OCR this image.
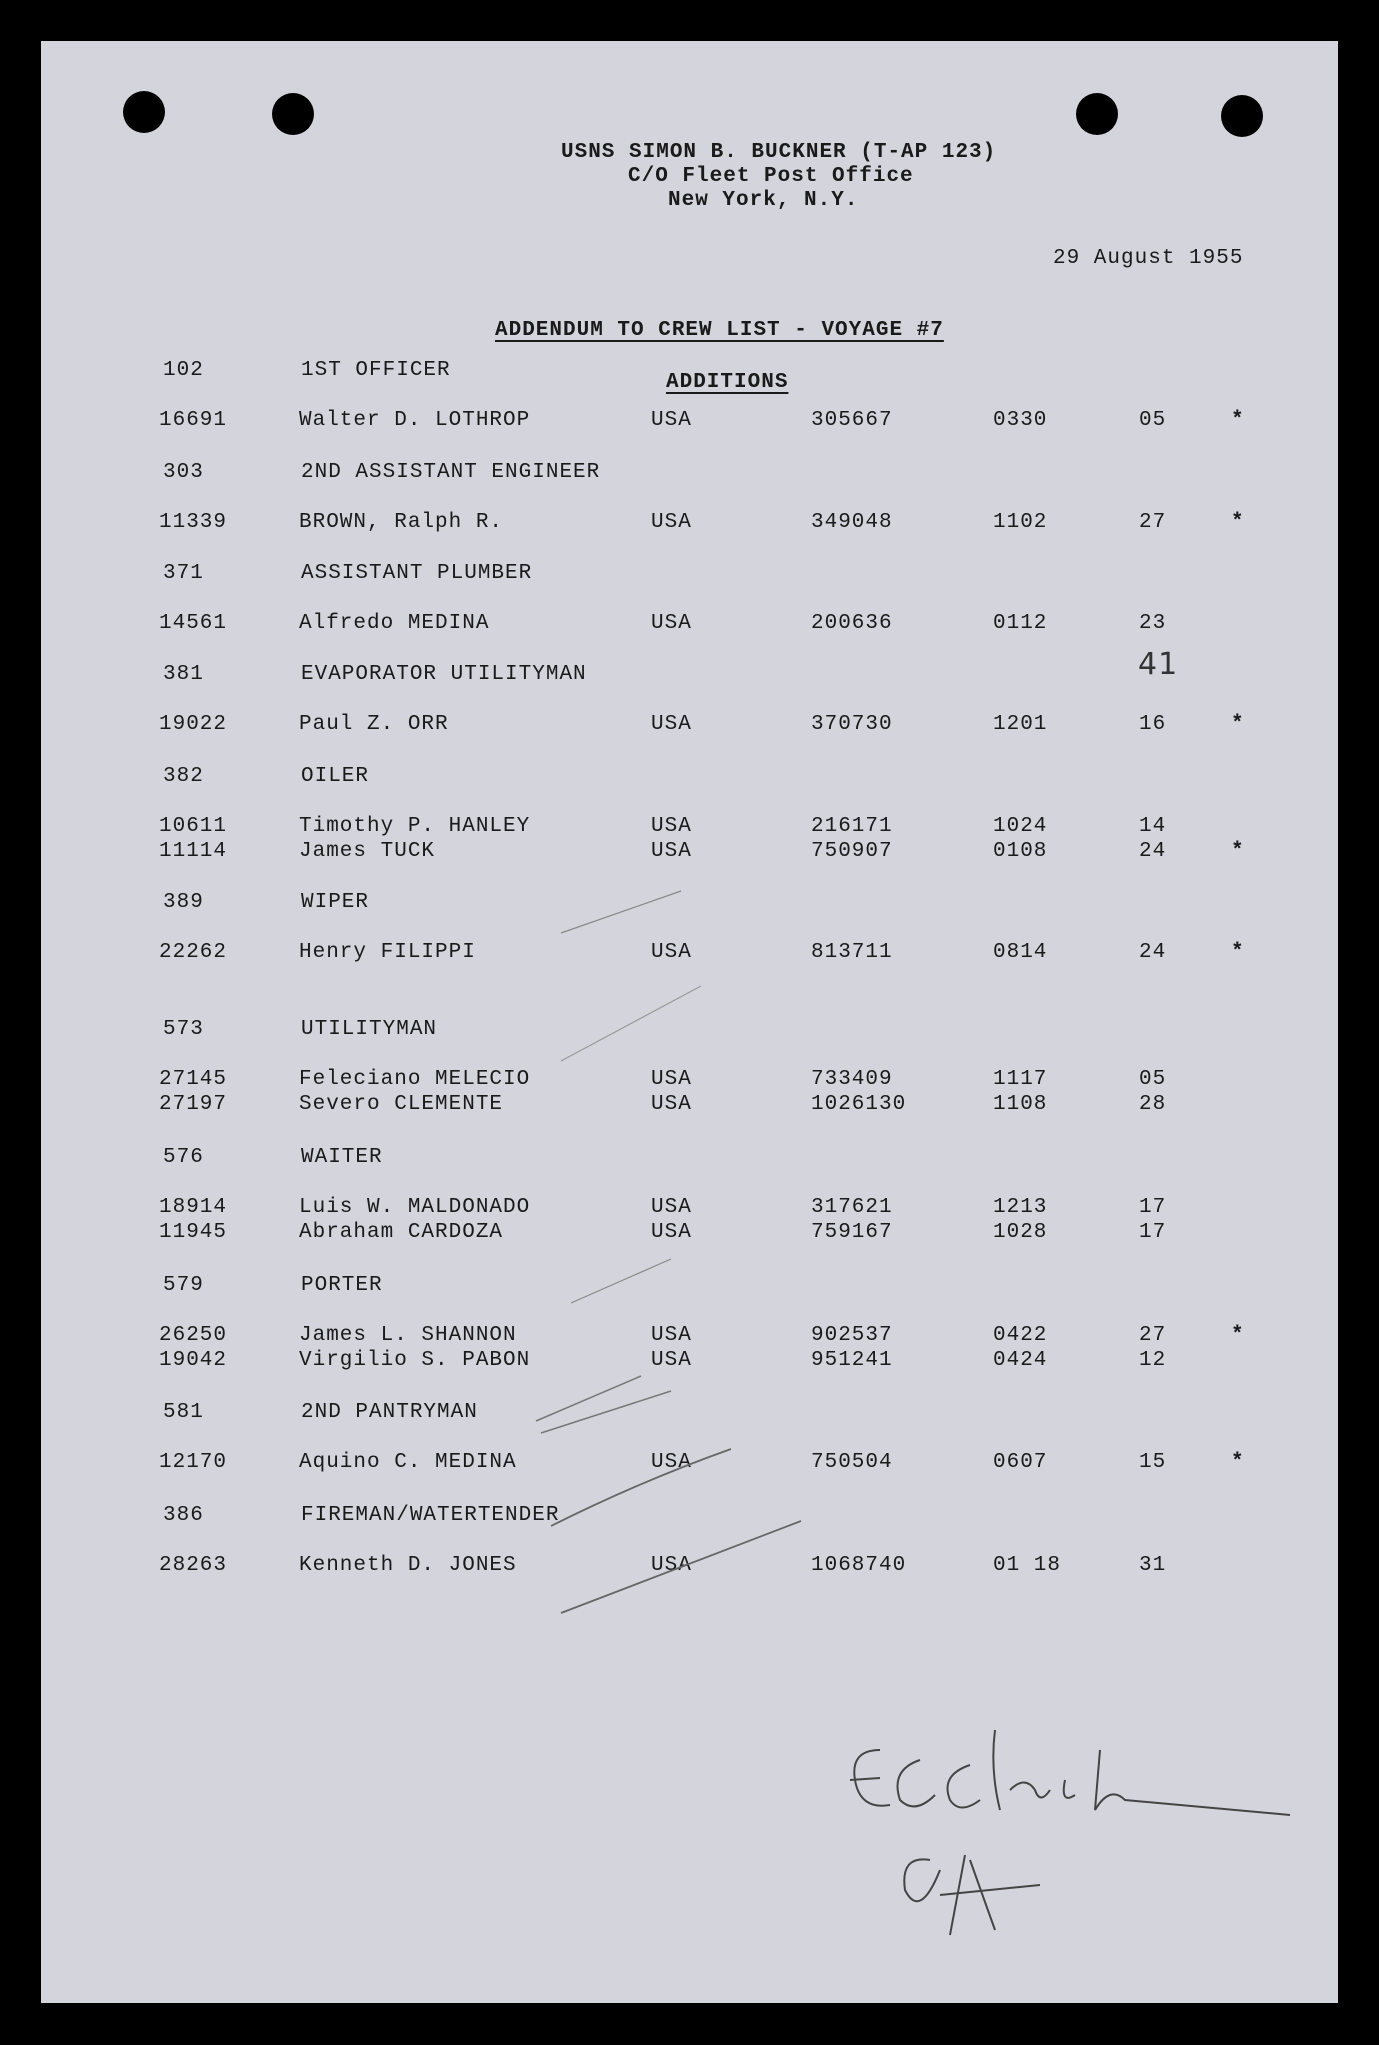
USNS SIMON B. BUCKNER (T-AP 123)
C/O Fleet Post Office
New York, N.Y.
29 August 1955
ADDENDUM TO CREW LIST - VOYAGE #7
ADDITIONS
41
102	1ST OFFICER
16691	Walter D. LOTHROP	USA	305667	0330	05	*
303	2ND ASSISTANT ENGINEER
11339	BROWN, Ralph R.	USA	349048	1102	27	*
371	ASSISTANT PLUMBER
14561	Alfredo MEDINA	USA	200636	0112	23
381	EVAPORATOR UTILITYMAN
19022	Paul Z. ORR	USA	370730	1201	16	*
382	OILER
10611	Timothy P. HANLEY	USA	216171	1024	14
11114	James TUCK	USA	750907	0108	24	*
389	WIPER
22262	Henry FILIPPI	USA	813711	0814	24	*
573	UTILITYMAN
27145	Feleciano MELECIO	USA	733409	1117	05
27197	Severo CLEMENTE	USA	1026130	1108	28
576	WAITER
18914	Luis W. MALDONADO	USA	317621	1213	17
11945	Abraham CARDOZA	USA	759167	1028	17
579	PORTER
26250	James L. SHANNON	USA	902537	0422	27	*
19042	Virgilio S. PABON	USA	951241	0424	12
581	2ND PANTRYMAN
12170	Aquino C. MEDINA	USA	750504	0607	15	*
386	FIREMAN/WATERTENDER
28263	Kenneth D. JONES	USA	1068740	01 18	31
